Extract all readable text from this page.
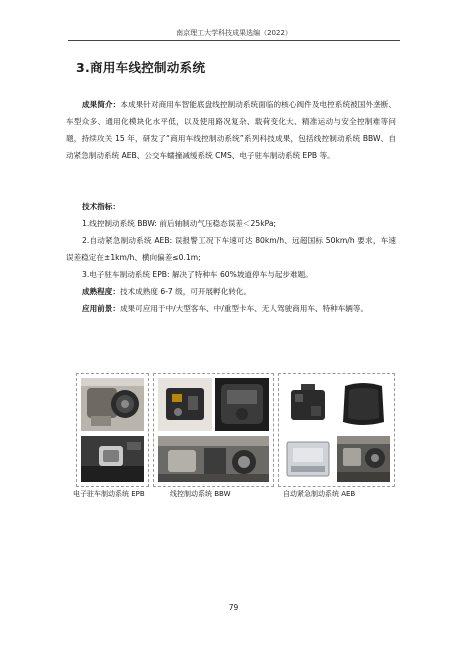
南京理工大学科技成果选编（2022）
3.商用车线控制动系统
成果简介：本成果针对商用车智能底盘线控制动系统面临的核心阀件及电控系统被国外垄断、车型众多、通用化模块化水平低，以及使用路况复杂、载荷变化大、精准运动与安全控制难等问题，持续攻关 15 年，研发了“商用车线控制动系统”系列科技成果，包括线控制动系统 BBW、自动紧急制动系统 AEB、公交车蠕撞减缓系统 CMS、电子驻车制动系统 EPB 等。
技术指标：
1.线控制动系统 BBW: 前后轴制动气压稳态误差＜25kPa;
2.自动紧急制动系统 AEB: 误报警工况下车速可达 80km/h、远超国标 50km/h 要求，车速误差稳定在±1km/h、横向偏差≤0.1m;
3.电子驻车制动系统 EPB: 解决了特种车 60%坡道停车与起步难题。
成熟程度：技术成熟度 6-7 级，可开展孵化转化。
应用前景：成果可应用于中/大型客车、中/重型卡车、无人驾驶商用车、特种车辆等。
电子驻车制动系统 EPB	线控制动系统 BBW	自动紧急制动系统 AEB
79
